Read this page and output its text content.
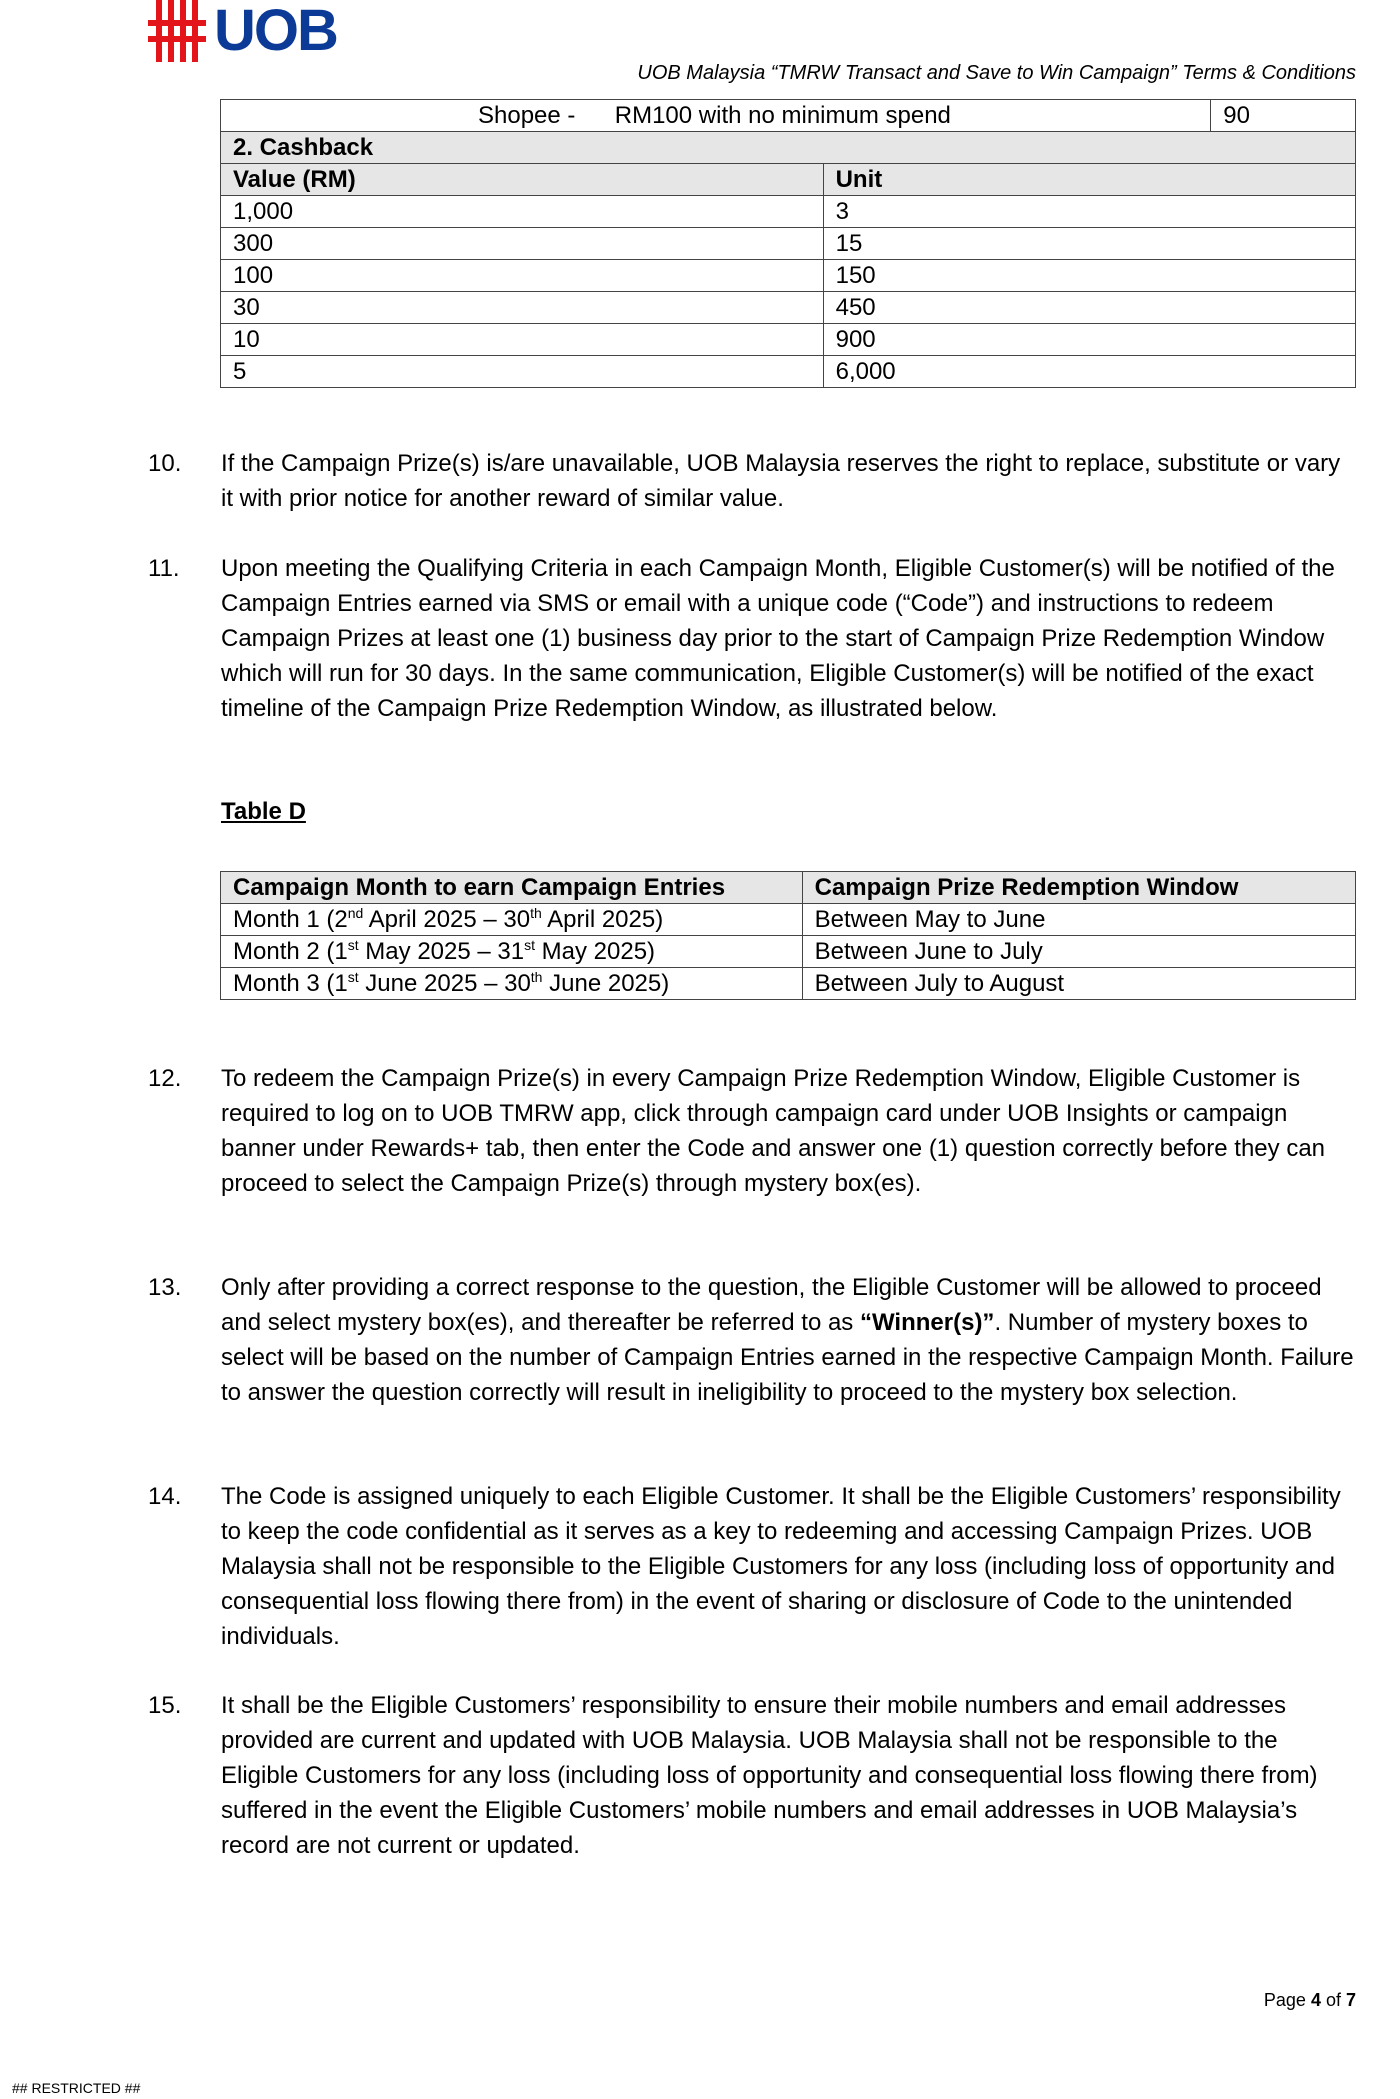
UOB
UOB Malaysia “TMRW Transact and Save to Win Campaign” Terms & Conditions
Shopee - RM100 with no minimum spend		90
2. Cashback		
Value (RM)	Unit	
1,000	3	
300	15	
100	150	
30	450	
10	900	
5	6,000	
10. If the Campaign Prize(s) is/are unavailable, UOB Malaysia reserves the right to replace, substitute or vary it with prior notice for another reward of similar value.
11. Upon meeting the Qualifying Criteria in each Campaign Month, Eligible Customer(s) will be notified of the Campaign Entries earned via SMS or email with a unique code (“Code”) and instructions to redeem Campaign Prizes at least one (1) business day prior to the start of Campaign Prize Redemption Window which will run for 30 days. In the same communication, Eligible Customer(s) will be notified of the exact timeline of the Campaign Prize Redemption Window, as illustrated below.
Table D
Campaign Month to earn Campaign Entries	Campaign Prize Redemption Window
Month 1 (2nd April 2025 – 30th April 2025)	Between May to June
Month 2 (1st May 2025 – 31st May 2025)	Between June to July
Month 3 (1st June 2025 – 30th June 2025)	Between July to August
12. To redeem the Campaign Prize(s) in every Campaign Prize Redemption Window, Eligible Customer is required to log on to UOB TMRW app, click through campaign card under UOB Insights or campaign banner under Rewards+ tab, then enter the Code and answer one (1) question correctly before they can proceed to select the Campaign Prize(s) through mystery box(es).
13. Only after providing a correct response to the question, the Eligible Customer will be allowed to proceed and select mystery box(es), and thereafter be referred to as “Winner(s)”. Number of mystery boxes to select will be based on the number of Campaign Entries earned in the respective Campaign Month. Failure to answer the question correctly will result in ineligibility to proceed to the mystery box selection.
14. The Code is assigned uniquely to each Eligible Customer. It shall be the Eligible Customers’ responsibility to keep the code confidential as it serves as a key to redeeming and accessing Campaign Prizes. UOB Malaysia shall not be responsible to the Eligible Customers for any loss (including loss of opportunity and consequential loss flowing there from) in the event of sharing or disclosure of Code to the unintended individuals.
15. It shall be the Eligible Customers’ responsibility to ensure their mobile numbers and email addresses provided are current and updated with UOB Malaysia. UOB Malaysia shall not be responsible to the Eligible Customers for any loss (including loss of opportunity and consequential loss flowing there from) suffered in the event the Eligible Customers’ mobile numbers and email addresses in UOB Malaysia’s record are not current or updated.
Page 4 of 7
## RESTRICTED ##
